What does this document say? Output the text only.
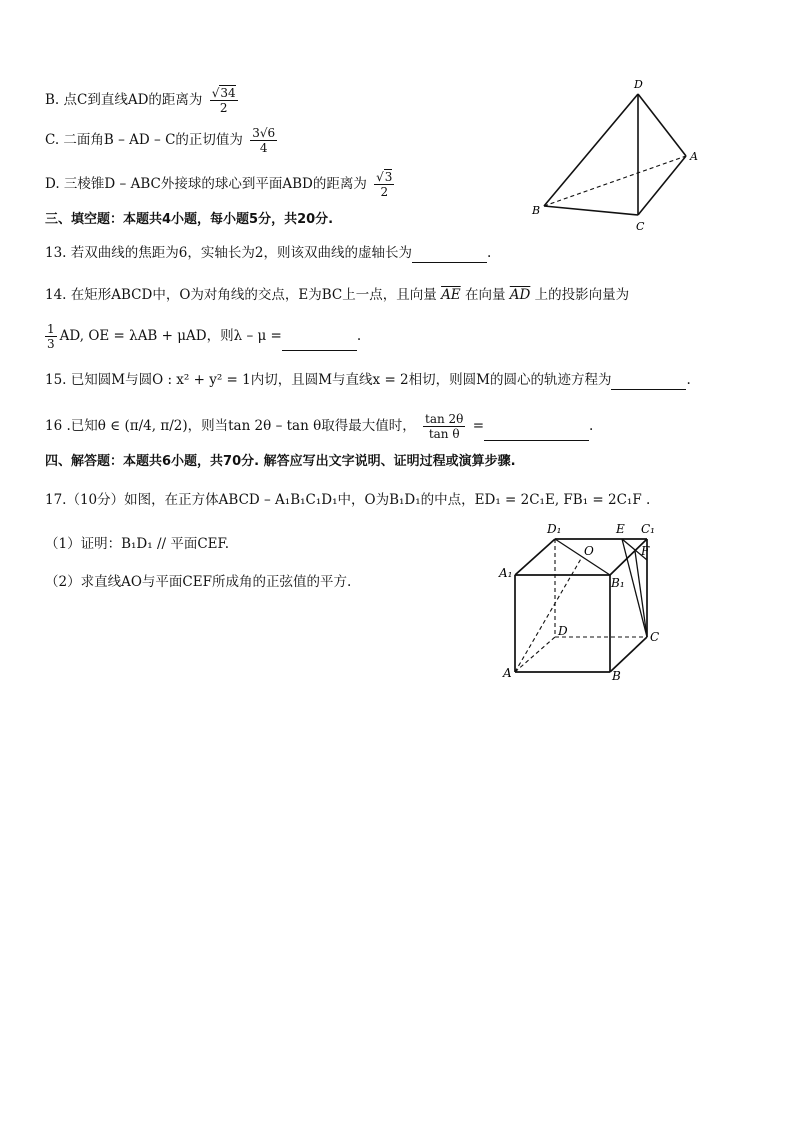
B. 点C到直线AD的距离为 $\frac{√34}{2}$
C. 二面角B – AD – C的正切值为 $\frac{3√6}{4}$
D. 三棱锥D – ABC外接球的球心到平面ABD的距离为 $\frac{√3}{2}$
三、填空题：本题共4小题，每小题5分，共20分.
13. 若双曲线的焦距为6，实轴长为2，则该双曲线的虚轴长为	.
14. 在矩形ABCD中，O为对角线的交点，E为BC上一点，且向量 $\overline{AE}$ 在向量 $\overline{AD}$ 上的投影向量为
$\frac{1}{3}$ AD, OE = λAB + μAD，则λ – μ =	.
15. 已知圆M与圆O : x² + y² = 1内切，且圆M与直线x = 2相切，则圆M的圆心的轨迹方程为	.
16 .已知θ ∈ (π/4, π/2)，则当tan 2θ – tan θ取得最大值时， $\frac{\tan 2\theta}{\text{tan θ}}$ =	.
四、解答题：本题共6小题，共70分. 解答应写出文字说明、证明过程或演算步骤.
17.（10分）如图，在正方体ABCD – A₁B₁C₁D₁中，O为B₁D₁的中点，ED₁ = 2C₁E, FB₁ = 2C₁F .
（1）证明：B₁D₁ // 平面CEF.
（2）求直线AO与平面CEF所成角的正弦值的平方.
D
A
B
C
D₁
O
E C₁
F
A₁
B₁
D	C
A	B
